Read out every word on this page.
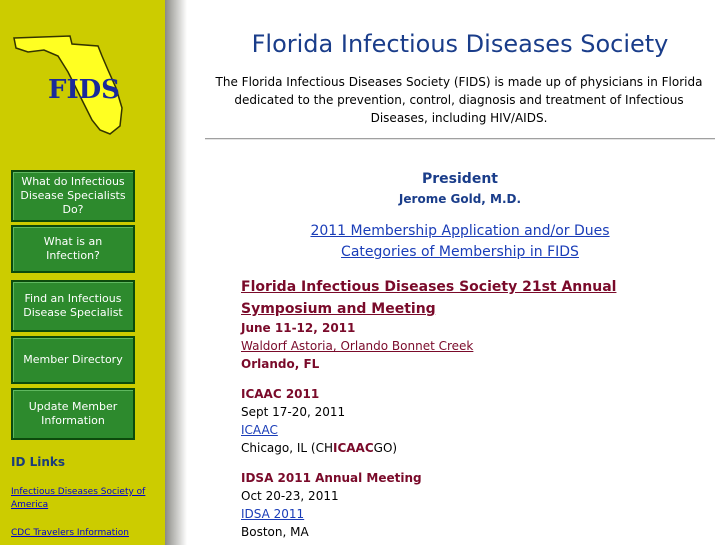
FIDS
What do Infectious Disease Specialists Do?
What is an Infection?
Find an Infectious Disease Specialist
Member Directory
Update Member Information
ID Links
Infectious Diseases Society of America
CDC Travelers Information
Florida Infectious Diseases Society
The Florida Infectious Diseases Society (FIDS) is made up of physicians in Florida dedicated to the prevention, control, diagnosis and treatment of Infectious Diseases, including HIV/AIDS.
President
Jerome Gold, M.D.
2011 Membership Application and/or Dues
Categories of Membership in FIDS
Florida Infectious Diseases Society 21st Annual Symposium and Meeting
June 11-12, 2011
Waldorf Astoria, Orlando Bonnet Creek
Orlando, FL
ICAAC 2011
Sept 17-20, 2011
ICAAC
Chicago, IL (CHICAACGO)
IDSA 2011 Annual Meeting
Oct 20-23, 2011
IDSA 2011
Boston, MA
